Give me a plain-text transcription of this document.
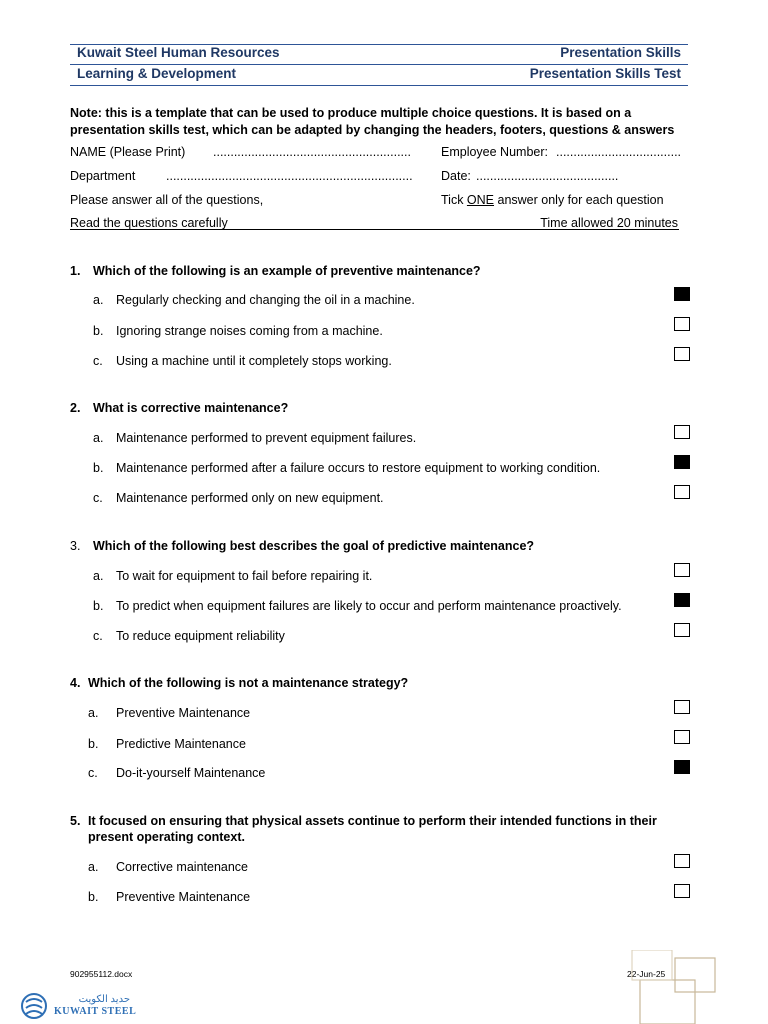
Kuwait Steel Human Resources	Presentation Skills
Learning & Development	Presentation Skills Test
Note: this is a template that can be used to produce multiple choice questions. It is based on a
presentation skills test, which can be adapted by changing the headers, footers, questions & answers
NAME (Please Print) ......................................................... Employee Number: ....................................
Department ....................................................................... Date: .........................................
Please answer all of the questions,	Tick ONE answer only for each question
Read the questions carefully	Time allowed 20 minutes
1. Which of the following is an example of preventive maintenance?
a. Regularly checking and changing the oil in a machine.
b. Ignoring strange noises coming from a machine.
c. Using a machine until it completely stops working.
2. What is corrective maintenance?
a. Maintenance performed to prevent equipment failures.
b. Maintenance performed after a failure occurs to restore equipment to working condition.
c. Maintenance performed only on new equipment.
3. Which of the following best describes the goal of predictive maintenance?
a. To wait for equipment to fail before repairing it.
b. To predict when equipment failures are likely to occur and perform maintenance proactively.
c. To reduce equipment reliability
4. Which of the following is not a maintenance strategy?
a. Preventive Maintenance
b. Predictive Maintenance
c. Do-it-yourself Maintenance
5. It focused on ensuring that physical assets continue to perform their intended functions in their
present operating context.
a. Corrective maintenance
b. Preventive Maintenance
902955112.docx	22-Jun-25
حديد الكويت
KUWAIT STEEL
